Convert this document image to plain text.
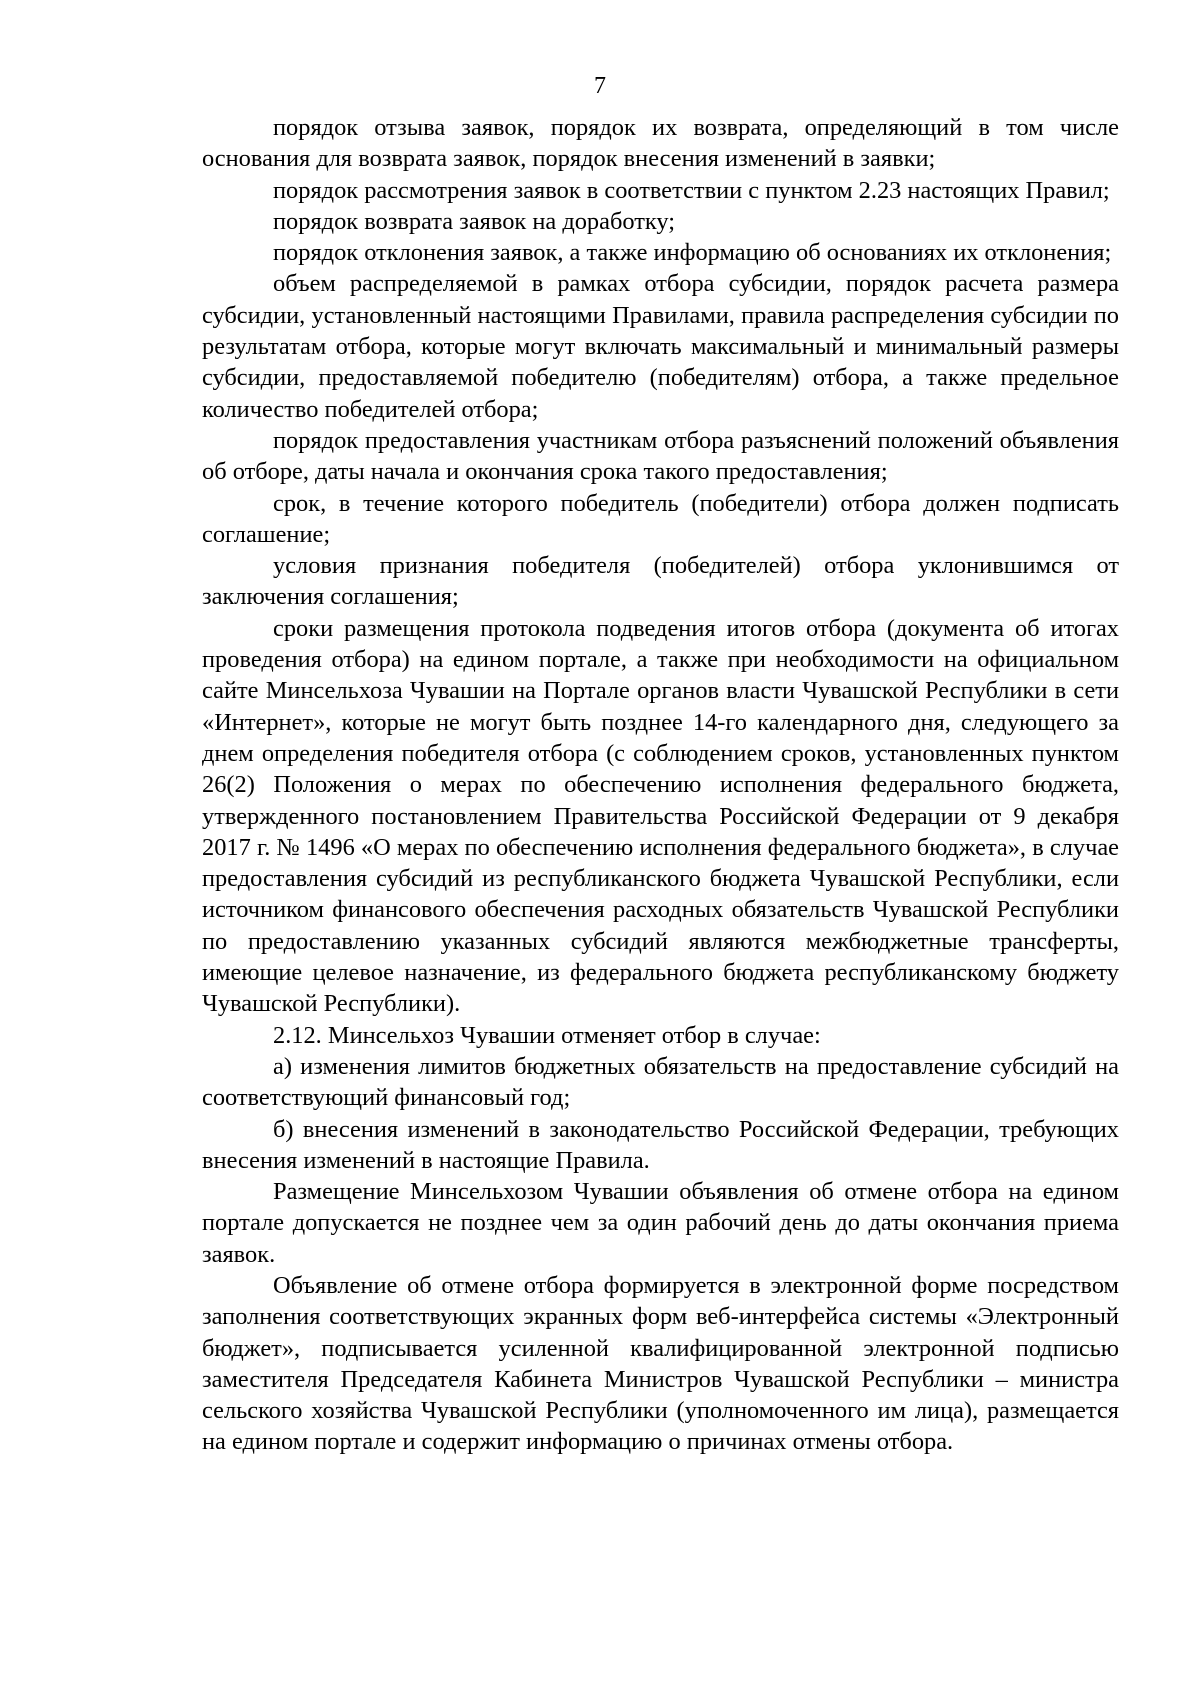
7

порядок отзыва заявок, порядок их возврата, определяющий в том числе основания для возврата заявок, порядок внесения изменений в заявки;

порядок рассмотрения заявок в соответствии с пунктом 2.23 настоящих Правил;

порядок возврата заявок на доработку;

порядок отклонения заявок, а также информацию об основаниях их отклонения;

объем распределяемой в рамках отбора субсидии, порядок расчета размера субсидии, установленный настоящими Правилами, правила распределения субсидии по результатам отбора, которые могут включать максимальный и минимальный размеры субсидии, предоставляемой победителю (победителям) отбора, а также предельное количество победителей отбора;

порядок предоставления участникам отбора разъяснений положений объявления об отборе, даты начала и окончания срока такого предоставления;

срок, в течение которого победитель (победители) отбора должен подписать соглашение;

условия признания победителя (победителей) отбора уклонившимся от заключения соглашения;

сроки размещения протокола подведения итогов отбора (документа об итогах проведения отбора) на едином портале, а также при необходимости на официальном сайте Минсельхоза Чувашии на Портале органов власти Чувашской Республики в сети «Интернет», которые не могут быть позднее 14-го календарного дня, следующего за днем определения победителя отбора (с соблюдением сроков, установленных пунктом 26(2) Положения о мерах по обеспечению исполнения федерального бюджета, утвержденного постановлением Правительства Российской Федерации от 9 декабря 2017 г. № 1496 «О мерах по обеспечению исполнения федерального бюджета», в случае предоставления субсидий из республиканского бюджета Чувашской Республики, если источником финансового обеспечения расходных обязательств Чувашской Республики по предоставлению указанных субсидий являются межбюджетные трансферты, имеющие целевое назначение, из федерального бюджета республиканскому бюджету Чувашской Республики).

2.12. Минсельхоз Чувашии отменяет отбор в случае:

а) изменения лимитов бюджетных обязательств на предоставление субсидий на соответствующий финансовый год;

б) внесения изменений в законодательство Российской Федерации, требующих внесения изменений в настоящие Правила.

Размещение Минсельхозом Чувашии объявления об отмене отбора на едином портале допускается не позднее чем за один рабочий день до даты окончания приема заявок.

Объявление об отмене отбора формируется в электронной форме посредством заполнения соответствующих экранных форм веб-интерфейса системы «Электронный бюджет», подписывается усиленной квалифицированной электронной подписью заместителя Председателя Кабинета Министров Чувашской Республики – министра сельского хозяйства Чувашской Республики (уполномоченного им лица), размещается на едином портале и содержит информацию о причинах отмены отбора.
